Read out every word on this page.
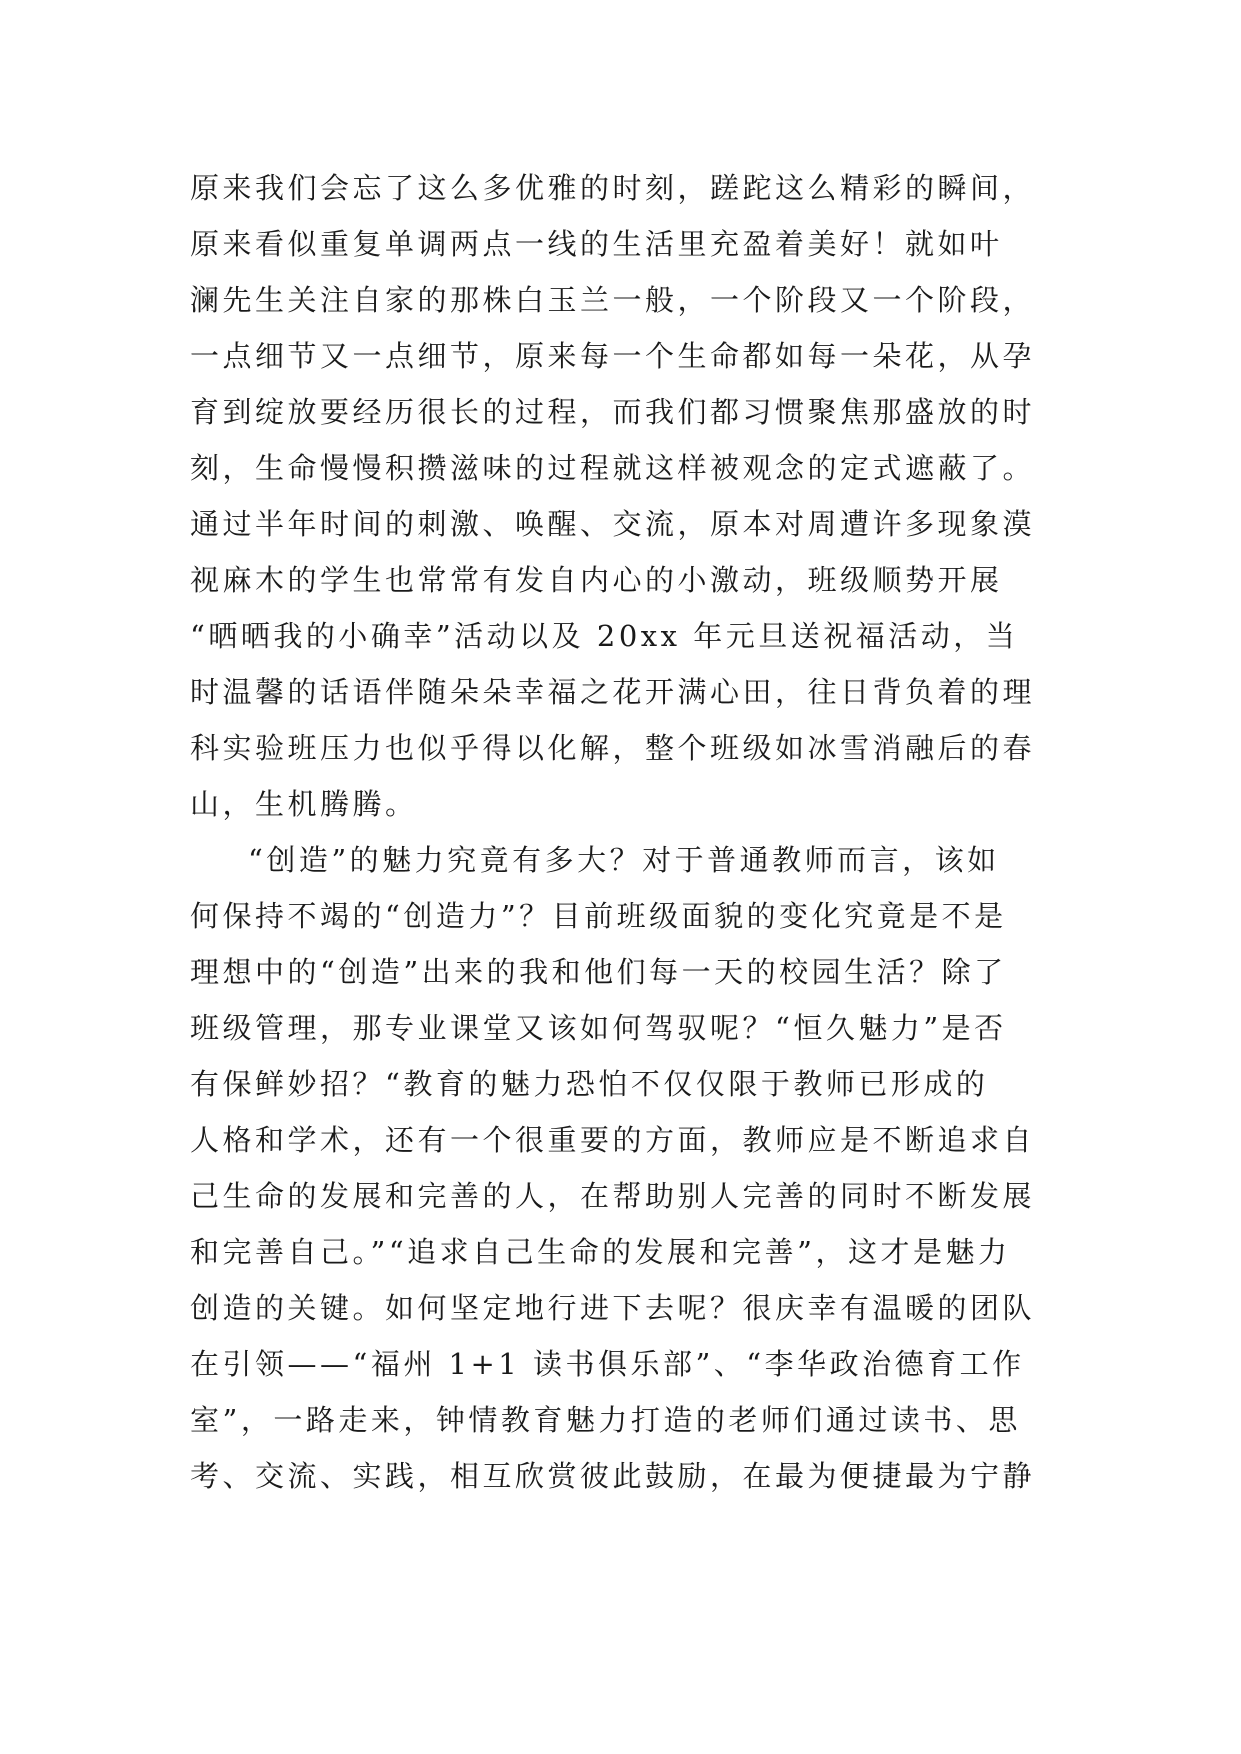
原来我们会忘了这么多优雅的时刻，蹉跎这么精彩的瞬间，
原来看似重复单调两点一线的生活里充盈着美好！就如叶
澜先生关注自家的那株白玉兰一般，一个阶段又一个阶段，
一点细节又一点细节，原来每一个生命都如每一朵花，从孕
育到绽放要经历很长的过程，而我们都习惯聚焦那盛放的时
刻，生命慢慢积攒滋味的过程就这样被观念的定式遮蔽了。
通过半年时间的刺激、唤醒、交流，原本对周遭许多现象漠
视麻木的学生也常常有发自内心的小激动，班级顺势开展
“晒晒我的小确幸”活动以及 20xx 年元旦送祝福活动，当
时温馨的话语伴随朵朵幸福之花开满心田，往日背负着的理
科实验班压力也似乎得以化解，整个班级如冰雪消融后的春
山，生机腾腾。
“创造”的魅力究竟有多大？对于普通教师而言，该如
何保持不竭的“创造力”？目前班级面貌的变化究竟是不是
理想中的“创造”出来的我和他们每一天的校园生活？除了
班级管理，那专业课堂又该如何驾驭呢？“恒久魅力”是否
有保鲜妙招？“教育的魅力恐怕不仅仅限于教师已形成的
人格和学术，还有一个很重要的方面，教师应是不断追求自
己生命的发展和完善的人，在帮助别人完善的同时不断发展
和完善自己。”“追求自己生命的发展和完善”，这才是魅力
创造的关键。如何坚定地行进下去呢？很庆幸有温暖的团队
在引领——“福州 1+1 读书俱乐部”、“李华政治德育工作
室”，一路走来，钟情教育魅力打造的老师们通过读书、思
考、交流、实践，相互欣赏彼此鼓励，在最为便捷最为宁静
